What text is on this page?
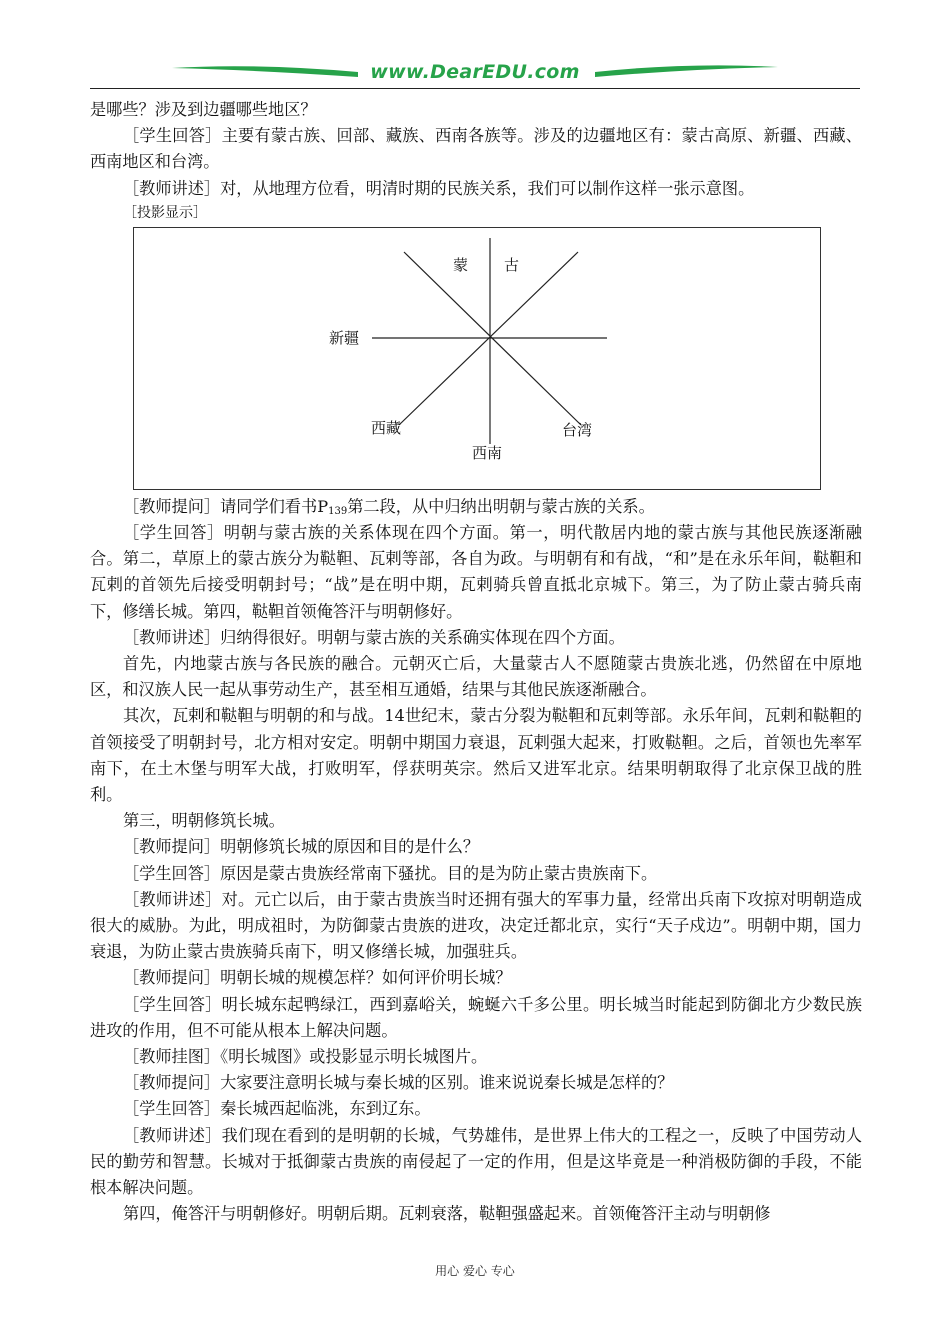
www.DearEDU.com

是哪些？涉及到边疆哪些地区？

［学生回答］主要有蒙古族、回部、藏族、西南各族等。涉及的边疆地区有：蒙古高原、新疆、西藏、西南地区和台湾。

［教师讲述］对，从地理方位看，明清时期的民族关系，我们可以制作这样一张示意图。

［投影显示］

蒙 古
新疆
西藏	台湾
西南

［教师提问］请同学们看书$P_{139}$第二段，从中归纳出明朝与蒙古族的关系。

［学生回答］明朝与蒙古族的关系体现在四个方面。第一，明代散居内地的蒙古族与其他民族逐渐融合。第二，草原上的蒙古族分为鞑靼、瓦剌等部，各自为政。与明朝有和有战，“和”是在永乐年间，鞑靼和瓦剌的首领先后接受明朝封号；“战”是在明中期，瓦剌骑兵曾直抵北京城下。第三，为了防止蒙古骑兵南下，修缮长城。第四，鞑靼首领俺答汗与明朝修好。

［教师讲述］归纳得很好。明朝与蒙古族的关系确实体现在四个方面。

首先，内地蒙古族与各民族的融合。元朝灭亡后，大量蒙古人不愿随蒙古贵族北逃，仍然留在中原地区，和汉族人民一起从事劳动生产，甚至相互通婚，结果与其他民族逐渐融合。

其次，瓦剌和鞑靼与明朝的和与战。14世纪末，蒙古分裂为鞑靼和瓦剌等部。永乐年间，瓦剌和鞑靼的首领接受了明朝封号，北方相对安定。明朝中期国力衰退，瓦剌强大起来，打败鞑靼。之后，首领也先率军南下，在土木堡与明军大战，打败明军，俘获明英宗。然后又进军北京。结果明朝取得了北京保卫战的胜利。

第三，明朝修筑长城。

［教师提问］明朝修筑长城的原因和目的是什么？

［学生回答］原因是蒙古贵族经常南下骚扰。目的是为防止蒙古贵族南下。

［教师讲述］对。元亡以后，由于蒙古贵族当时还拥有强大的军事力量，经常出兵南下攻掠对明朝造成很大的威胁。为此，明成祖时，为防御蒙古贵族的进攻，决定迁都北京，实行“天子戍边”。明朝中期，国力衰退，为防止蒙古贵族骑兵南下，明又修缮长城，加强驻兵。

［教师提问］明朝长城的规模怎样？如何评价明长城？

［学生回答］明长城东起鸭绿江，西到嘉峪关，蜿蜒六千多公里。明长城当时能起到防御北方少数民族进攻的作用，但不可能从根本上解决问题。

［教师挂图］《明长城图》或投影显示明长城图片。

［教师提问］大家要注意明长城与秦长城的区别。谁来说说秦长城是怎样的？

［学生回答］秦长城西起临洮，东到辽东。

［教师讲述］我们现在看到的是明朝的长城，气势雄伟，是世界上伟大的工程之一，反映了中国劳动人民的勤劳和智慧。长城对于抵御蒙古贵族的南侵起了一定的作用，但是这毕竟是一种消极防御的手段，不能根本解决问题。

第四，俺答汗与明朝修好。明朝后期。瓦剌衰落，鞑靼强盛起来。首领俺答汗主动与明朝修

用心 爱心 专心
